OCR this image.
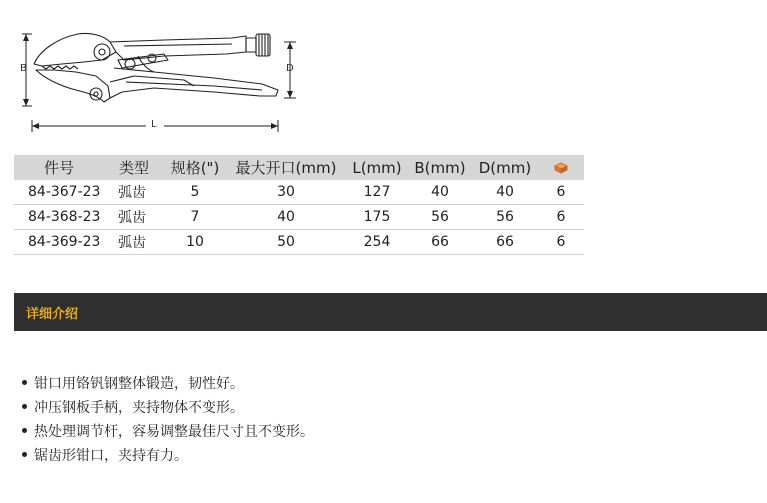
B	D
L
件号	类型	规格(")	最大开口(mm)	L(mm)	B(mm)	D(mm)	
84-367-23	弧齿	5	30	127	40	40	6
84-368-23	弧齿	7	40	175	56	56	6
84-369-23	弧齿	10	50	254	66	66	6
详细介绍
钳口用铬钒钢整体锻造，韧性好。
冲压钢板手柄，夹持物体不变形。
热处理调节杆，容易调整最佳尺寸且不变形。
锯齿形钳口，夹持有力。
